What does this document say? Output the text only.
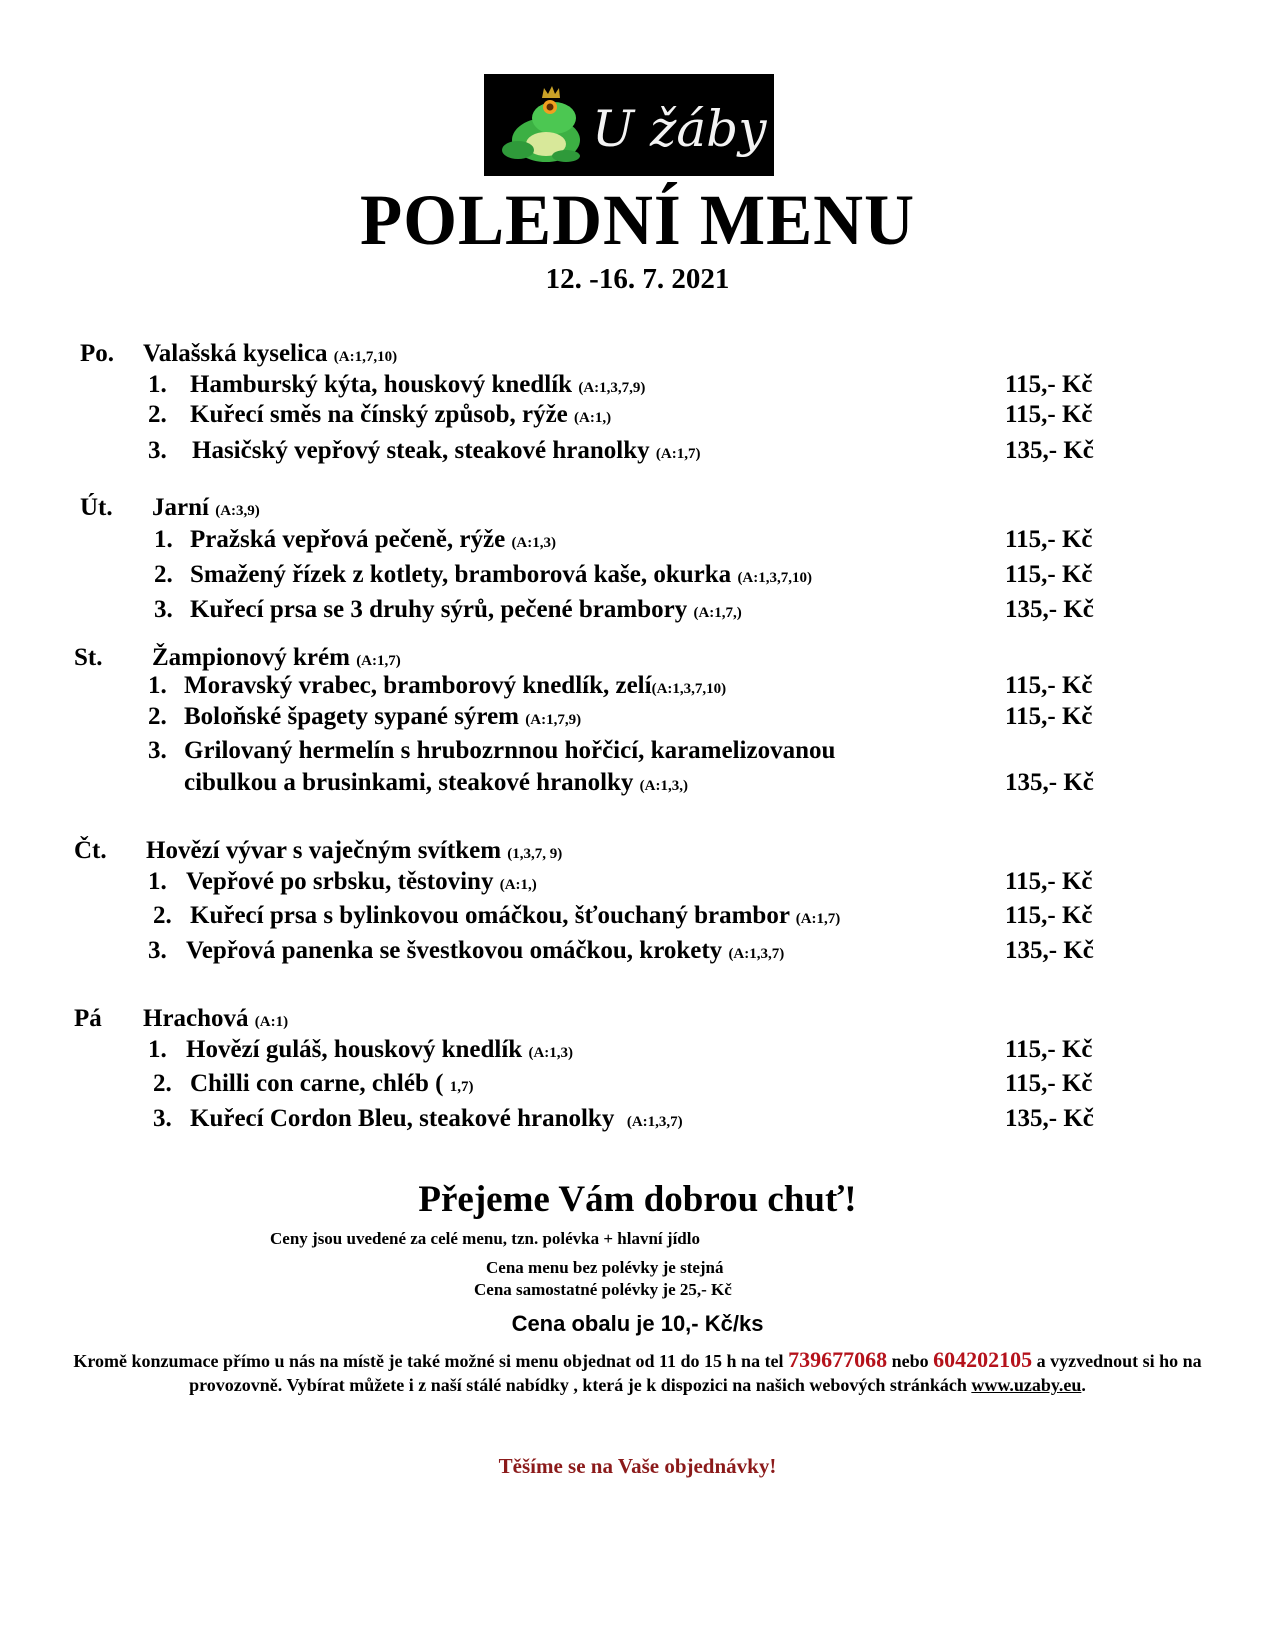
U žáby
POLEDNÍ MENU
12. -16. 7. 2021
Po. Valašská kyselica (A:1,7,10)
1. Hamburský kýta, houskový knedlík (A:1,3,7,9)	115,- Kč
2. Kuřecí směs na čínský způsob, rýže (A:1,)	115,- Kč
3. Hasičský vepřový steak, steakové hranolky (A:1,7)	135,- Kč
Út. Jarní (A:3,9)
1. Pražská vepřová pečeně, rýže (A:1,3)	115,- Kč
2. Smažený řízek z kotlety, bramborová kaše, okurka (A:1,3,7,10)	115,- Kč
3. Kuřecí prsa se 3 druhy sýrů, pečené brambory (A:1,7,)	135,- Kč
St. Žampionový krém (A:1,7)
1. Moravský vrabec, bramborový knedlík, zelí(A:1,3,7,10)	115,- Kč
2. Boloňské špagety sypané sýrem (A:1,7,9)	115,- Kč
3. Grilovaný hermelín s hrubozrnnou hořčicí, karamelizovanou
cibulkou a brusinkami, steakové hranolky (A:1,3,)	135,- Kč
Čt. Hovězí vývar s vaječným svítkem (1,3,7, 9)
1. Vepřové po srbsku, těstoviny (A:1,)	115,- Kč
2. Kuřecí prsa s bylinkovou omáčkou, šťouchaný brambor (A:1,7)	115,- Kč
3. Vepřová panenka se švestkovou omáčkou, krokety (A:1,3,7)	135,- Kč
Pá Hrachová (A:1)
1. Hovězí guláš, houskový knedlík (A:1,3)	115,- Kč
2. Chilli con carne, chléb ( 1,7)	115,- Kč
3. Kuřecí Cordon Bleu, steakové hranolky (A:1,3,7)	135,- Kč
Přejeme Vám dobrou chuť!
Ceny jsou uvedené za celé menu, tzn. polévka + hlavní jídlo
Cena menu bez polévky je stejná
Cena samostatné polévky je 25,- Kč
Cena obalu je 10,- Kč/ks
Kromě konzumace přímo u nás na místě je také možné si menu objednat od 11 do 15 h na tel 739677068 nebo 604202105 a vyzvednout si ho na provozovně. Vybírat můžete i z naší stálé nabídky , která je k dispozici na našich webových stránkách www.uzaby.eu.
Těšíme se na Vaše objednávky!
